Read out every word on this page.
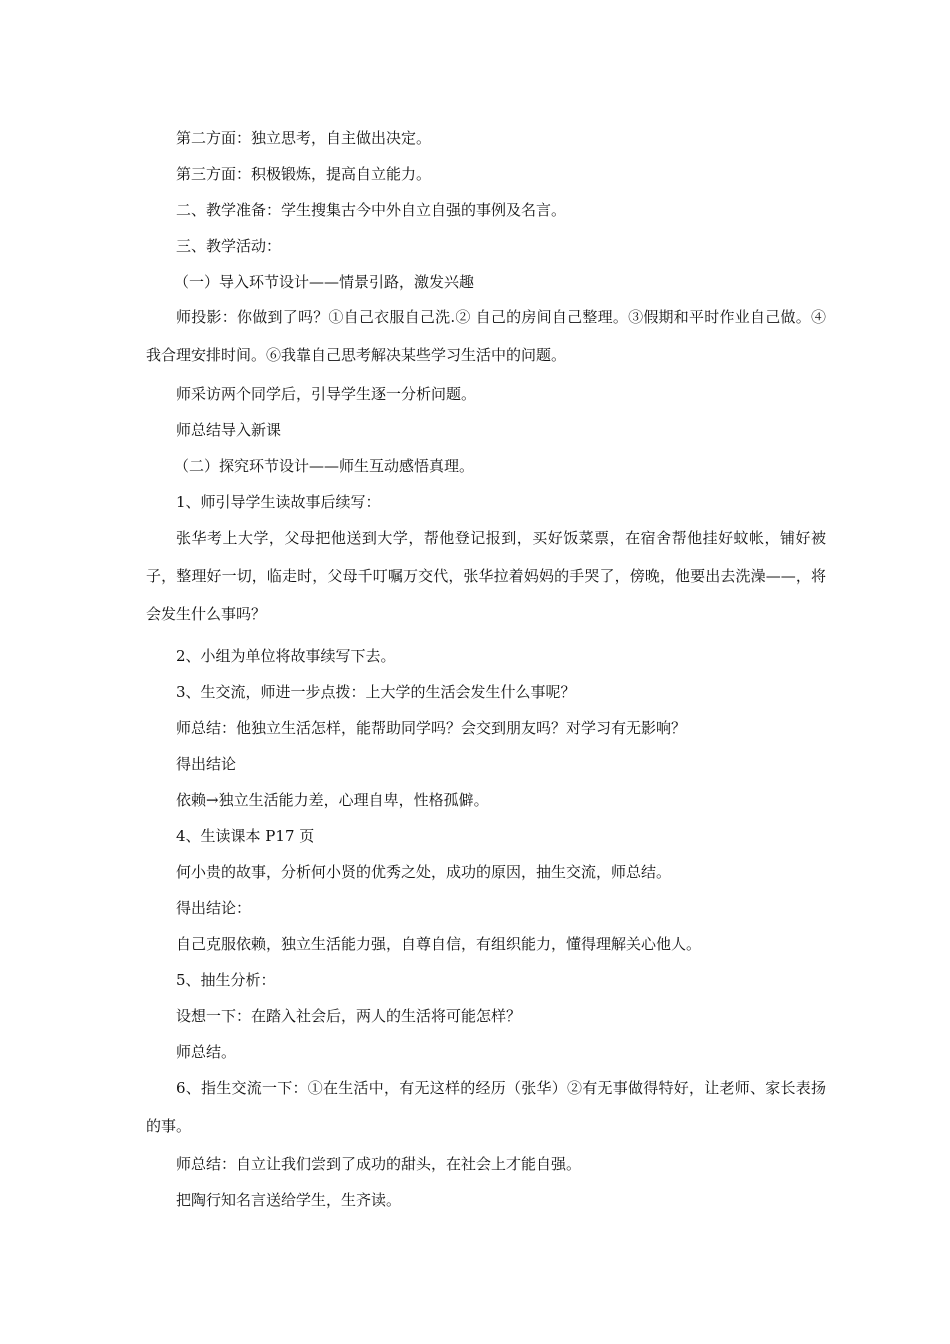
第二方面：独立思考，自主做出决定。

第三方面：积极锻炼，提高自立能力。

二、教学准备：学生搜集古今中外自立自强的事例及名言。

三、教学活动：

（一）导入环节设计——情景引路，激发兴趣

师投影：你做到了吗？①自己衣服自己洗.② 自己的房间自己整理。③假期和平时作业自己做。④我合理安排时间。⑥我靠自己思考解决某些学习生活中的问题。

师采访两个同学后，引导学生逐一分析问题。

师总结导入新课

（二）探究环节设计——师生互动感悟真理。

1、师引导学生读故事后续写：

张华考上大学，父母把他送到大学，帮他登记报到，买好饭菜票，在宿舍帮他挂好蚊帐，铺好被子，整理好一切，临走时，父母千叮嘱万交代，张华拉着妈妈的手哭了，傍晚，他要出去洗澡——，将会发生什么事吗？

2、小组为单位将故事续写下去。

3、生交流，师进一步点拨：上大学的生活会发生什么事呢？

师总结：他独立生活怎样，能帮助同学吗？会交到朋友吗？对学习有无影响？

得出结论

依赖→独立生活能力差，心理自卑，性格孤僻。

4、生读课本 P17 页

何小贵的故事，分析何小贤的优秀之处，成功的原因，抽生交流，师总结。

得出结论：

自己克服依赖，独立生活能力强，自尊自信，有组织能力，懂得理解关心他人。

5、抽生分析：

设想一下：在踏入社会后，两人的生活将可能怎样？

师总结。

6、指生交流一下：①在生活中，有无这样的经历（张华）②有无事做得特好，让老师、家长表扬的事。

师总结：自立让我们尝到了成功的甜头，在社会上才能自强。

把陶行知名言送给学生，生齐读。
